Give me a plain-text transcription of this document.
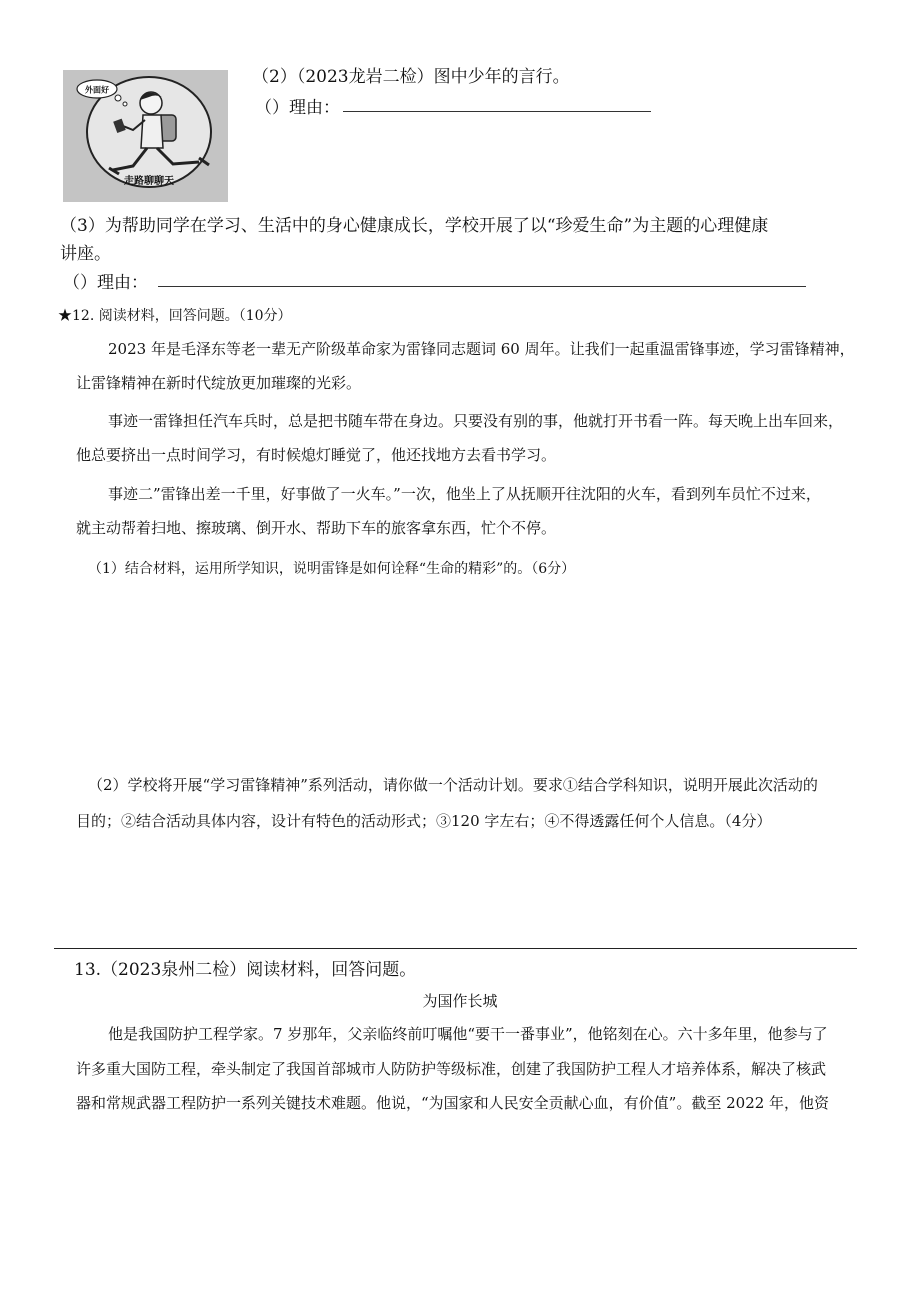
外面好
走路聊聊天
（2）（2023龙岩二检）图中少年的言行。
（）理由：
（3）为帮助同学在学习、生活中的身心健康成长，学校开展了以“珍爱生命”为主题的心理健康
讲座。
（）理由：
★12. 阅读材料，回答问题。（10分）
2023 年是毛泽东等老一辈无产阶级革命家为雷锋同志题词 60 周年。让我们一起重温雷锋事迹，学习雷锋精神，
让雷锋精神在新时代绽放更加璀璨的光彩。
事迹一雷锋担任汽车兵时，总是把书随车带在身边。只要没有别的事，他就打开书看一阵。每天晚上出车回来，
他总要挤出一点时间学习，有时候熄灯睡觉了，他还找地方去看书学习。
事迹二”雷锋出差一千里，好事做了一火车。”一次，他坐上了从抚顺开往沈阳的火车，看到列车员忙不过来，
就主动帮着扫地、擦玻璃、倒开水、帮助下车的旅客拿东西，忙个不停。
（1）结合材料，运用所学知识，说明雷锋是如何诠释“生命的精彩”的。（6分）
（2）学校将开展“学习雷锋精神”系列活动，请你做一个活动计划。要求①结合学科知识，说明开展此次活动的
目的；②结合活动具体内容，设计有特色的活动形式；③120 字左右；④不得透露任何个人信息。（4分）
13.（2023泉州二检）阅读材料，回答问题。
为国作长城
他是我国防护工程学家。7 岁那年，父亲临终前叮嘱他“要干一番事业”，他铭刻在心。六十多年里，他参与了
许多重大国防工程，牵头制定了我国首部城市人防防护等级标准，创建了我国防护工程人才培养体系，解决了核武
器和常规武器工程防护一系列关键技术难题。他说，“为国家和人民安全贡献心血，有价值”。截至 2022 年，他资
